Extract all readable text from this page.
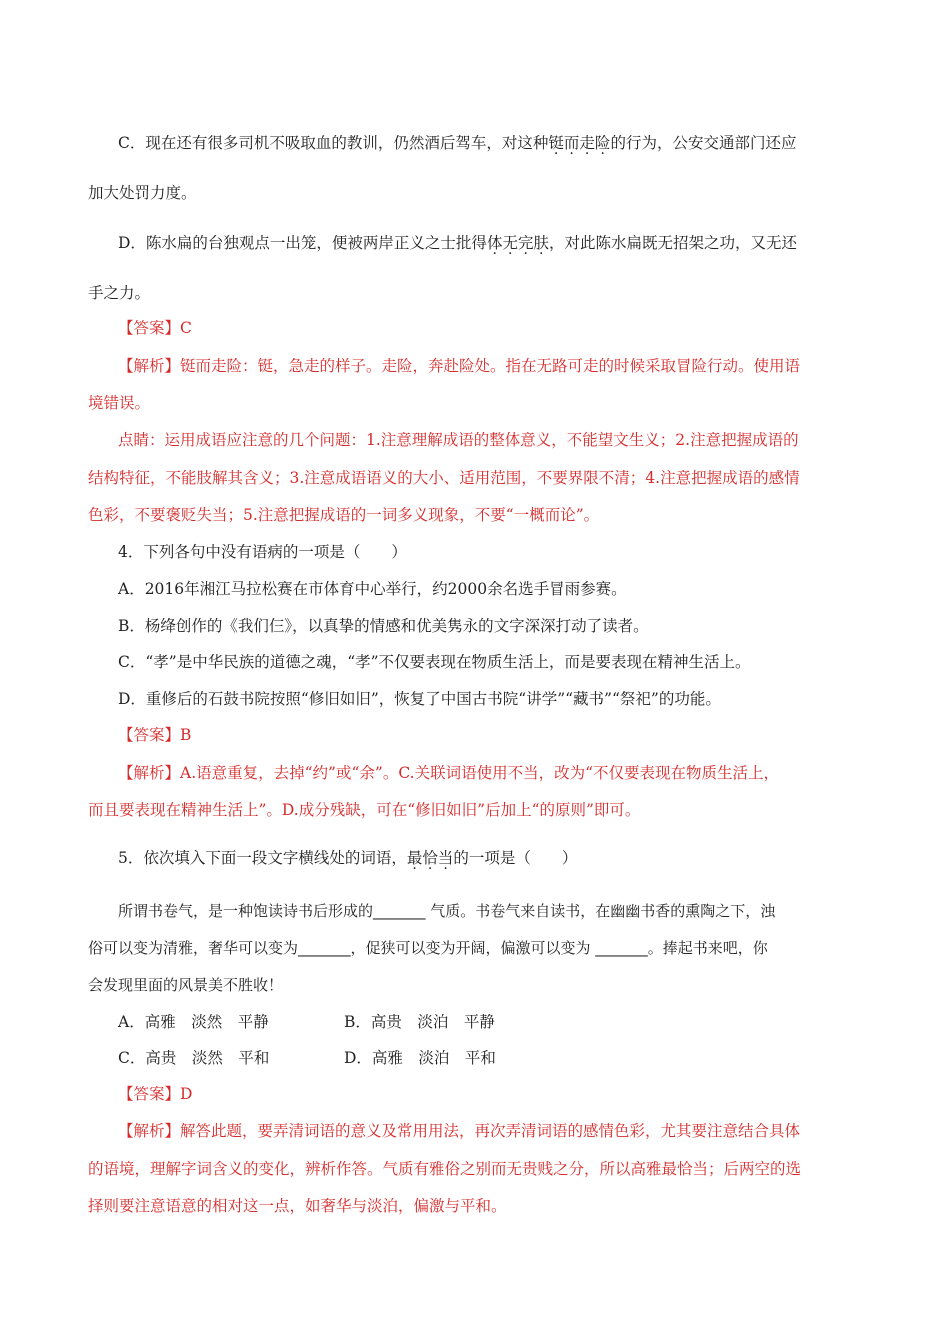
C．现在还有很多司机不吸取血的教训，仍然酒后驾车，对这种铤而走险的行为，公安交通部门还应
加大处罚力度。
D．陈水扁的台独观点一出笼，便被两岸正义之士批得体无完肤，对此陈水扁既无招架之功，又无还
手之力。
【答案】C
【解析】铤而走险：铤，急走的样子。走险，奔赴险处。指在无路可走的时候采取冒险行动。使用语
境错误。
点睛：运用成语应注意的几个问题：1.注意理解成语的整体意义，不能望文生义；2.注意把握成语的
结构特征，不能肢解其含义；3.注意成语语义的大小、适用范围，不要界限不清；4.注意把握成语的感情
色彩，不要褒贬失当；5.注意把握成语的一词多义现象，不要“一概而论”。
4．下列各句中没有语病的一项是（　　）
A．2016年湘江马拉松赛在市体育中心举行，约2000余名选手冒雨参赛。
B．杨绛创作的《我们仨》，以真挚的情感和优美隽永的文字深深打动了读者。
C．“孝”是中华民族的道德之魂，“孝”不仅要表现在物质生活上，而是要表现在精神生活上。
D．重修后的石鼓书院按照“修旧如旧”，恢复了中国古书院“讲学”“藏书”“祭祀”的功能。
【答案】B
【解析】A.语意重复，去掉“约”或“余”。C.关联词语使用不当，改为“不仅要表现在物质生活上，
而且要表现在精神生活上”。D.成分残缺，可在“修旧如旧”后加上“的原则”即可。
5．依次填入下面一段文字横线处的词语，最恰当的一项是（　　）
所谓书卷气，是一种饱读诗书后形成的_______ 气质。书卷气来自读书，在幽幽书香的熏陶之下，浊
俗可以变为清雅，奢华可以变为_______，促狭可以变为开阔，偏激可以变为 _______。捧起书来吧，你
会发现里面的风景美不胜收！
A．高雅　淡然　平静	B．高贵　淡泊　平静
C．高贵　淡然　平和	D．高雅　淡泊　平和
【答案】D
【解析】解答此题，要弄清词语的意义及常用用法，再次弄清词语的感情色彩，尤其要注意结合具体
的语境，理解字词含义的变化，辨析作答。气质有雅俗之别而无贵贱之分，所以高雅最恰当；后两空的选
择则要注意语意的相对这一点，如奢华与淡泊，偏激与平和。
